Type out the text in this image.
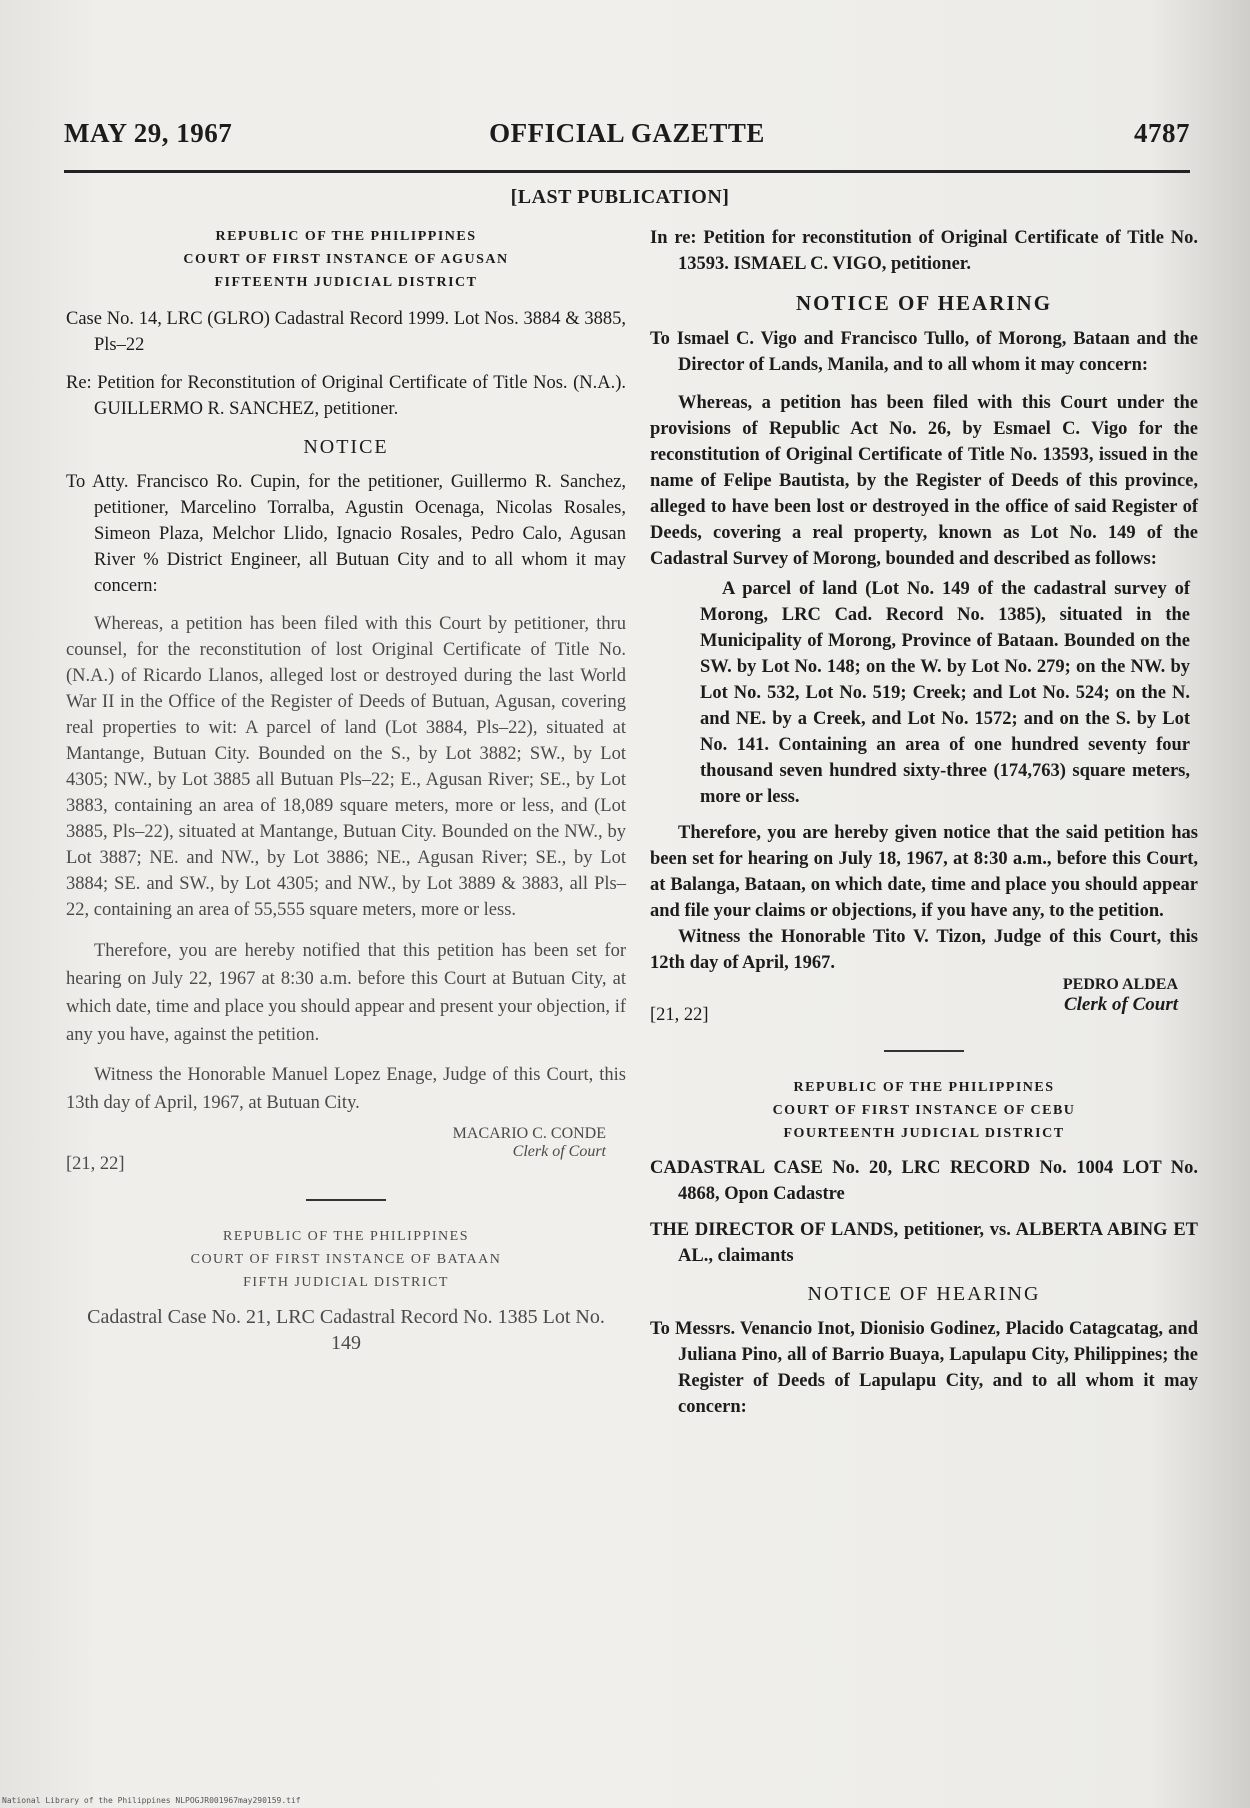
MAY 29, 1967	OFFICIAL GAZETTE	4787
[LAST PUBLICATION]
REPUBLIC OF THE PHILIPPINES
COURT OF FIRST INSTANCE OF AGUSAN
FIFTEENTH JUDICIAL DISTRICT

Case No. 14, LRC (GLRO) Cadastral Record 1999. Lot Nos. 3884 & 3885, Pls–22

Re: Petition for Reconstitution of Original Certificate of Title Nos. (N.A.). GUILLERMO R. SANCHEZ, petitioner.

NOTICE

To Atty. Francisco Ro. Cupin, for the petitioner, Guillermo R. Sanchez, petitioner, Marcelino Torralba, Agustin Ocenaga, Nicolas Rosales, Simeon Plaza, Melchor Llido, Ignacio Rosales, Pedro Calo, Agusan River % District Engineer, all Butuan City and to all whom it may concern:

Whereas, a petition has been filed with this Court by petitioner, thru counsel, for the reconstitution of lost Original Certificate of Title No. (N.A.) of Ricardo Llanos, alleged lost or destroyed during the last World War II in the Office of the Register of Deeds of Butuan, Agusan, covering real properties to wit: A parcel of land (Lot 3884, Pls–22), situated at Mantange, Butuan City. Bounded on the S., by Lot 3882; SW., by Lot 4305; NW., by Lot 3885 all Butuan Pls–22; E., Agusan River; SE., by Lot 3883, containing an area of 18,089 square meters, more or less, and (Lot 3885, Pls–22), situated at Mantange, Butuan City. Bounded on the NW., by Lot 3887; NE. and NW., by Lot 3886; NE., Agusan River; SE., by Lot 3884; SE. and SW., by Lot 4305; and NW., by Lot 3889 & 3883, all Pls–22, containing an area of 55,555 square meters, more or less.

Therefore, you are hereby notified that this petition has been set for hearing on July 22, 1967 at 8:30 a.m. before this Court at Butuan City, at which date, time and place you should appear and present your objection, if any you have, against the petition.

Witness the Honorable Manuel Lopez Enage, Judge of this Court, this 13th day of April, 1967, at Butuan City.

MACARIO C. CONDE
Clerk of Court
[21, 22]
REPUBLIC OF THE PHILIPPINES
COURT OF FIRST INSTANCE OF BATAAN
FIFTH JUDICIAL DISTRICT

Cadastral Case No. 21, LRC Cadastral Record No. 1385 Lot No. 149

In re: Petition for reconstitution of Original Certificate of Title No. 13593. ISMAEL C. VIGO, petitioner.

NOTICE OF HEARING

To Ismael C. Vigo and Francisco Tullo, of Morong, Bataan and the Director of Lands, Manila, and to all whom it may concern:

Whereas, a petition has been filed with this Court under the provisions of Republic Act No. 26, by Esmael C. Vigo for the reconstitution of Original Certificate of Title No. 13593, issued in the name of Felipe Bautista, by the Register of Deeds of this province, alleged to have been lost or destroyed in the office of said Register of Deeds, covering a real property, known as Lot No. 149 of the Cadastral Survey of Morong, bounded and described as follows:

A parcel of land (Lot No. 149 of the cadastral survey of Morong, LRC Cad. Record No. 1385), situated in the Municipality of Morong, Province of Bataan. Bounded on the SW. by Lot No. 148; on the W. by Lot No. 279; on the NW. by Lot No. 532, Lot No. 519; Creek; and Lot No. 524; on the N. and NE. by a Creek, and Lot No. 1572; and on the S. by Lot No. 141. Containing an area of one hundred seventy four thousand seven hundred sixty-three (174,763) square meters, more or less.

Therefore, you are hereby given notice that the said petition has been set for hearing on July 18, 1967, at 8:30 a.m., before this Court, at Balanga, Bataan, on which date, time and place you should appear and file your claims or objections, if you have any, to the petition.

Witness the Honorable Tito V. Tizon, Judge of this Court, this 12th day of April, 1967.

PEDRO ALDEA
Clerk of Court
[21, 22]
REPUBLIC OF THE PHILIPPINES
COURT OF FIRST INSTANCE OF CEBU
FOURTEENTH JUDICIAL DISTRICT

CADASTRAL CASE No. 20, LRC RECORD No. 1004 LOT No. 4868, Opon Cadastre

THE DIRECTOR OF LANDS, petitioner, vs. ALBERTA ABING ET AL., claimants

NOTICE OF HEARING

To Messrs. Venancio Inot, Dionisio Godinez, Placido Catagcatag, and Juliana Pino, all of Barrio Buaya, Lapulapu City, Philippines; the Register of Deeds of Lapulapu City, and to all whom it may concern:

National Library of the Philippines NLPOGJR001967may290159.tif
